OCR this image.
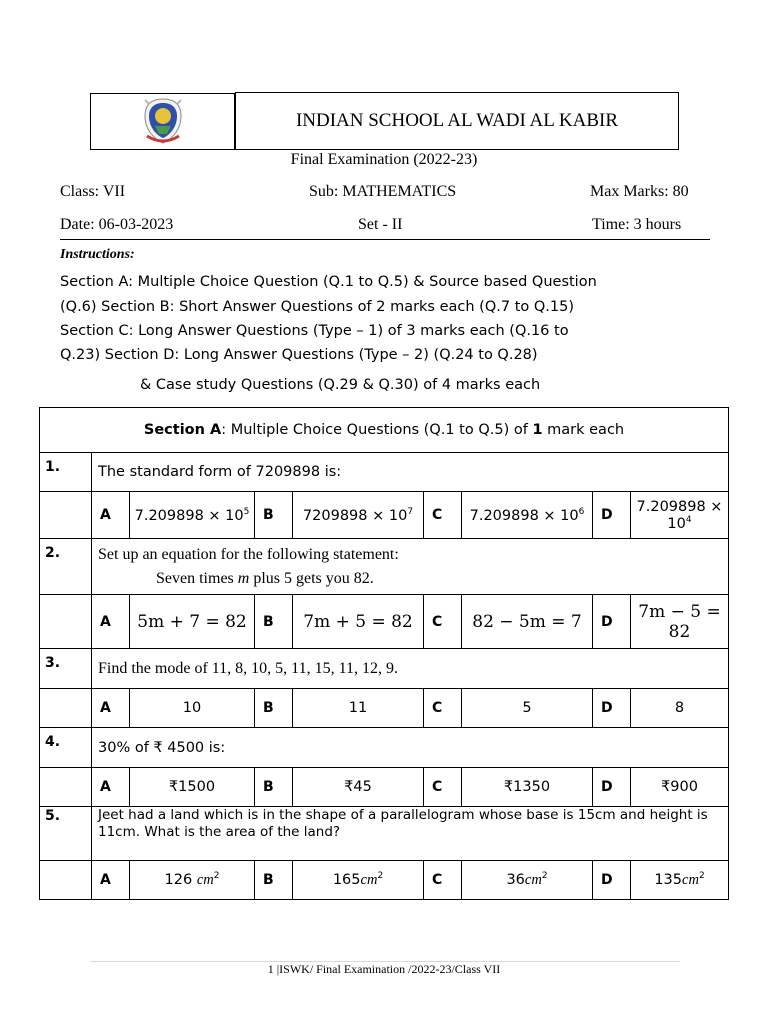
INDIAN SCHOOL AL WADI AL KABIR
Final Examination (2022-23)
Class: VII	Sub: MATHEMATICS	Max Marks: 80
Date: 06-03-2023	Set - II	Time: 3 hours
Instructions:
Section A: Multiple Choice Question (Q.1 to Q.5) & Source based Question
(Q.6) Section B: Short Answer Questions of 2 marks each (Q.7 to Q.15)
Section C: Long Answer Questions (Type – 1) of 3 marks each (Q.16 to
Q.23) Section D: Long Answer Questions (Type – 2) (Q.24 to Q.28)
& Case study Questions (Q.29 & Q.30) of 4 marks each
Section A: Multiple Choice Questions (Q.1 to Q.5) of 1 mark each								
1.	The standard form of 7209898 is:							
	A	$7.209898 \times 10^5$	B	$7209898 \times 10^7$	C	$7.209898 \times 10^6$	D	$7.209898 \times 10^4$
2.	Set up an equation for the following statement:
Seven times m plus 5 gets you 82.							

	A	5m + 7 = 82	B	7m + 5 = 82	C	82 − 5m = 7	D	7m − 5 = 82
3.	Find the mode of 11, 8, 10, 5, 11, 15, 11, 12, 9.							
	A	10	B	11	C	5	D	8
4.	30% of ₹ 4500 is:							
	A	₹1500	B	₹45	C	₹1350	D	₹900
5.	Jeet had a land which is in the shape of a parallelogram whose base is 15cm and height is 11cm. What is the area of the land?							
	A	126 $cm^2$	B	$165cm^2$	C	$36cm^2$	D	$135cm^2$
1 |ISWK/ Final Examination /2022-23/Class VII
